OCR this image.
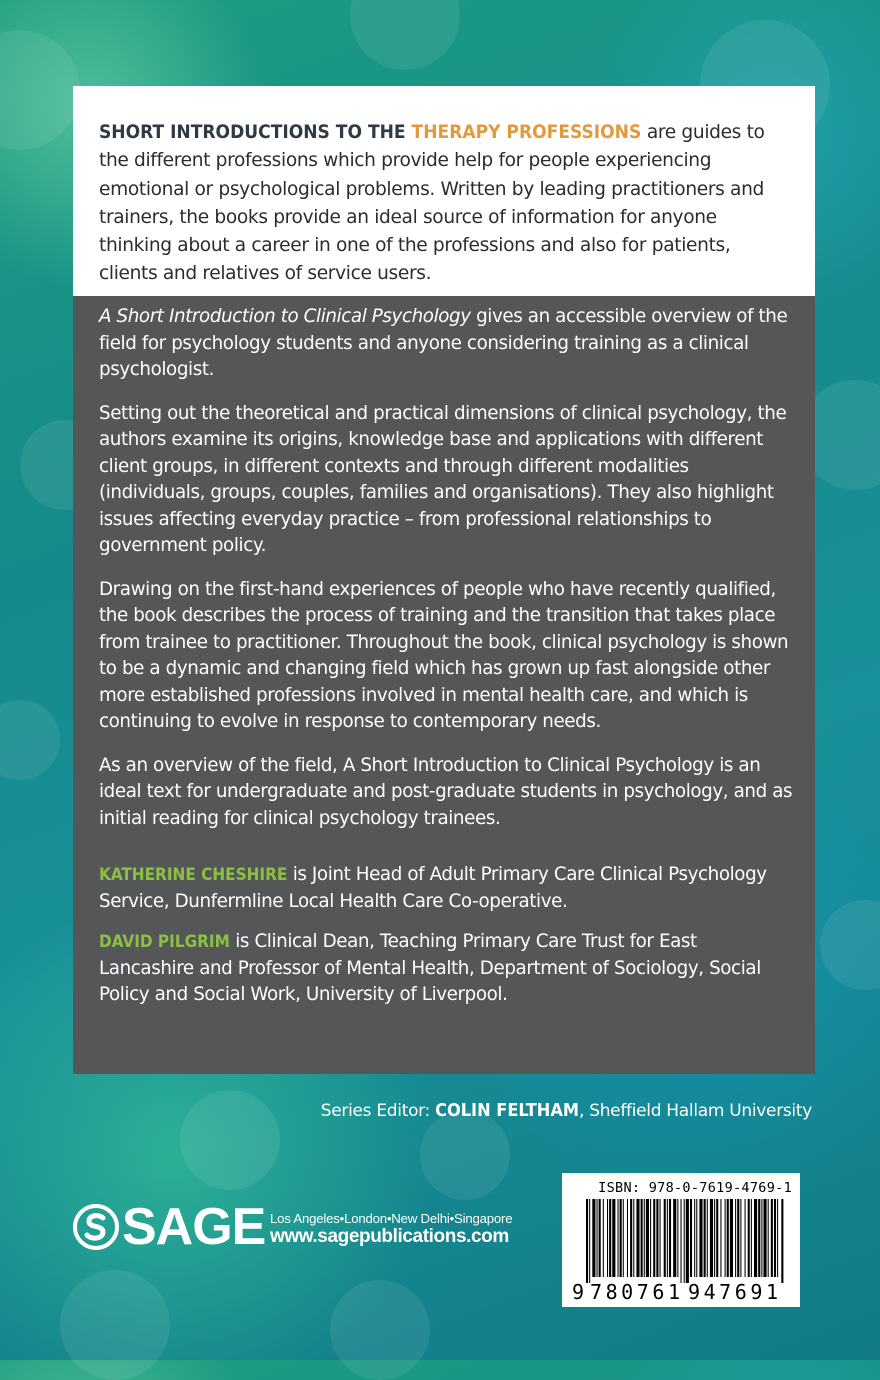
SHORT INTRODUCTIONS TO THE THERAPY PROFESSIONS are guides to the different professions which provide help for people experiencing emotional or psychological problems. Written by leading practitioners and trainers, the books provide an ideal source of information for anyone thinking about a career in one of the professions and also for patients, clients and relatives of service users.

A Short Introduction to Clinical Psychology gives an accessible overview of the field for psychology students and anyone considering training as a clinical psychologist.

Setting out the theoretical and practical dimensions of clinical psychology, the authors examine its origins, knowledge base and applications with different client groups, in different contexts and through different modalities (individuals, groups, couples, families and organisations). They also highlight issues affecting everyday practice – from professional relationships to government policy.

Drawing on the first-hand experiences of people who have recently qualified, the book describes the process of training and the transition that takes place from trainee to practitioner. Throughout the book, clinical psychology is shown to be a dynamic and changing field which has grown up fast alongside other more established professions involved in mental health care, and which is continuing to evolve in response to contemporary needs.

As an overview of the field, A Short Introduction to Clinical Psychology is an ideal text for undergraduate and post-graduate students in psychology, and as initial reading for clinical psychology trainees.

KATHERINE CHESHIRE is Joint Head of Adult Primary Care Clinical Psychology Service, Dunfermline Local Health Care Co-operative.

DAVID PILGRIM is Clinical Dean, Teaching Primary Care Trust for East Lancashire and Professor of Mental Health, Department of Sociology, Social Policy and Social Work, University of Liverpool.

Series Editor: COLIN FELTHAM, Sheffield Hallam University
SAGE Los Angeles•London•New Delhi•Singapore
www.sagepublications.com
ISBN: 978-0-7619-4769-1
9 780761 947691
